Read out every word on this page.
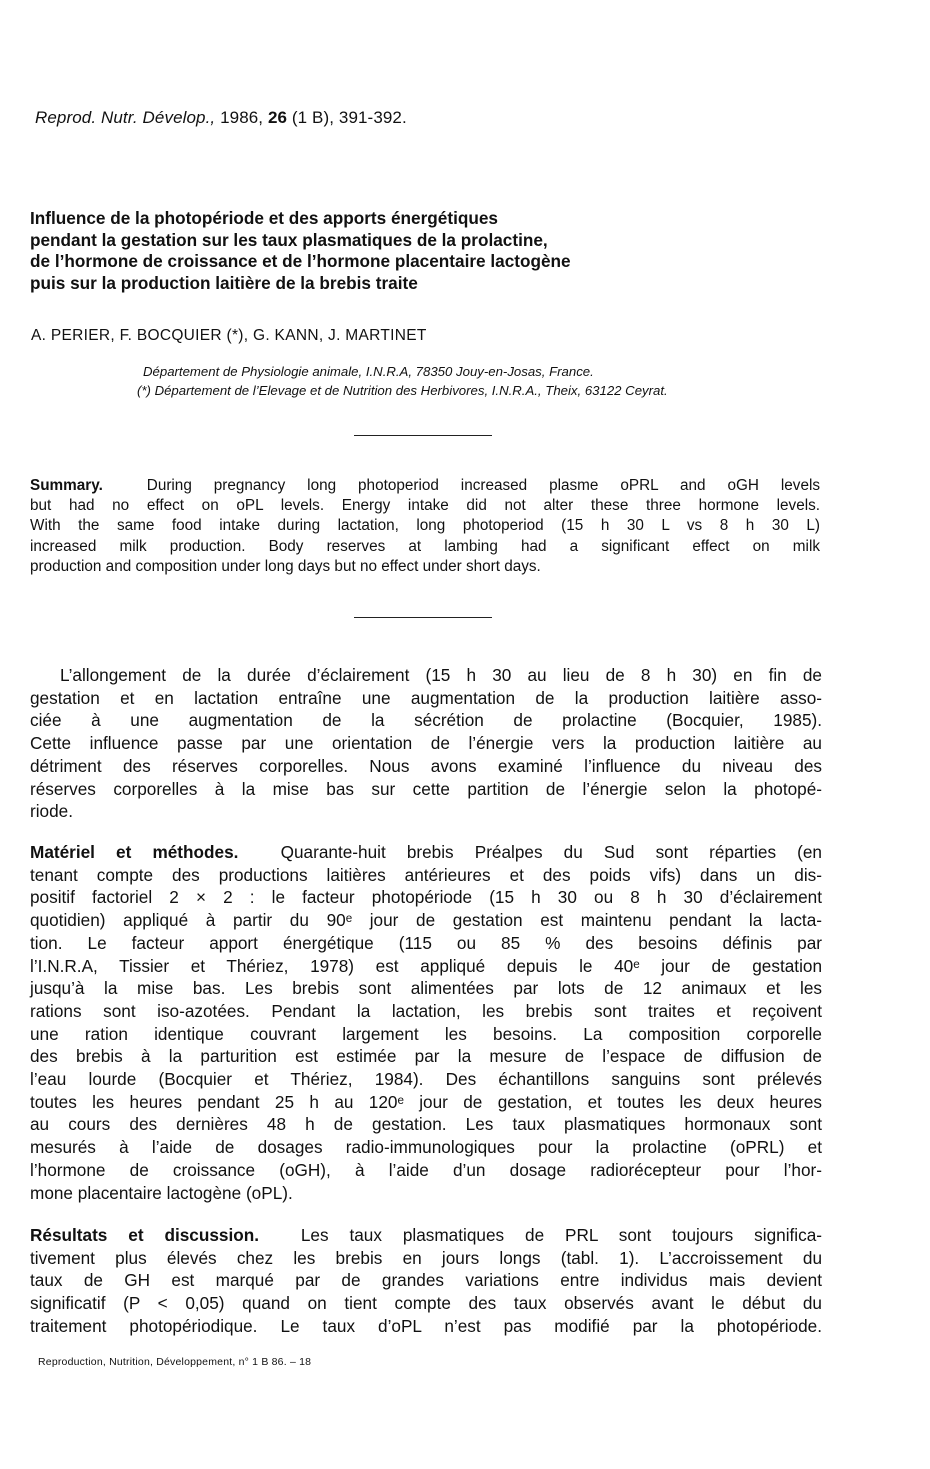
Reprod. Nutr. Dévelop., 1986, 26 (1 B), 391-392.
Influence de la photopériode et des apports énergétiques
pendant la gestation sur les taux plasmatiques de la prolactine,
de l’hormone de croissance et de l’hormone placentaire lactogène
puis sur la production laitière de la brebis traite
A. PERIER, F. BOCQUIER (*), G. KANN, J. MARTINET
Département de Physiologie animale, I.N.R.A, 78350 Jouy-en-Josas, France.
(*) Département de l’Elevage et de Nutrition des Herbivores, I.N.R.A., Theix, 63122 Ceyrat.
Summary.	During pregnancy long photoperiod increased plasme oPRL and oGH levels
but had no effect on oPL levels. Energy intake did not alter these three hormone levels.
With the same food intake during lactation, long photoperiod (15 h 30 L vs 8 h 30 L)
increased milk production. Body reserves at lambing had a significant effect on milk
production and composition under long days but no effect under short days.
L’allongement de la durée d’éclairement (15 h 30 au lieu de 8 h 30) en fin de
gestation et en lactation entraîne une augmentation de la production laitière asso-
ciée à une augmentation de la sécrétion de prolactine (Bocquier, 1985).
Cette influence passe par une orientation de l’énergie vers la production laitière au
détriment des réserves corporelles. Nous avons examiné l’influence du niveau des
réserves corporelles à la mise bas sur cette partition de l’énergie selon la photopé-
riode.
Matériel et méthodes. Quarante-huit brebis Préalpes du Sud sont réparties (en
tenant compte des productions laitières antérieures et des poids vifs) dans un dis-
positif factoriel 2 × 2 : le facteur photopériode (15 h 30 ou 8 h 30 d’éclairement
quotidien) appliqué à partir du 90ᵉ jour de gestation est maintenu pendant la lacta-
tion. Le facteur apport énergétique (115 ou 85 % des besoins définis par
l’I.N.R.A, Tissier et Thériez, 1978) est appliqué depuis le 40ᵉ jour de gestation
jusqu’à la mise bas. Les brebis sont alimentées par lots de 12 animaux et les
rations sont iso-azotées. Pendant la lactation, les brebis sont traites et reçoivent
une ration identique couvrant largement les besoins. La composition corporelle
des brebis à la parturition est estimée par la mesure de l’espace de diffusion de
l’eau lourde (Bocquier et Thériez, 1984). Des échantillons sanguins sont prélevés
toutes les heures pendant 25 h au 120ᵉ jour de gestation, et toutes les deux heures
au cours des dernières 48 h de gestation. Les taux plasmatiques hormonaux sont
mesurés à l’aide de dosages radio-immunologiques pour la prolactine (oPRL) et
l’hormone de croissance (oGH), à l’aide d’un dosage radiorécepteur pour l’hor-
mone placentaire lactogène (oPL).
Résultats et discussion. Les taux plasmatiques de PRL sont toujours significa-
tivement plus élevés chez les brebis en jours longs (tabl. 1). L’accroissement du
taux de GH est marqué par de grandes variations entre individus mais devient
significatif (P < 0,05) quand on tient compte des taux observés avant le début du
traitement photopériodique. Le taux d’oPL n’est pas modifié par la photopériode.
Reproduction, Nutrition, Développement, n° 1 B 86. – 18
